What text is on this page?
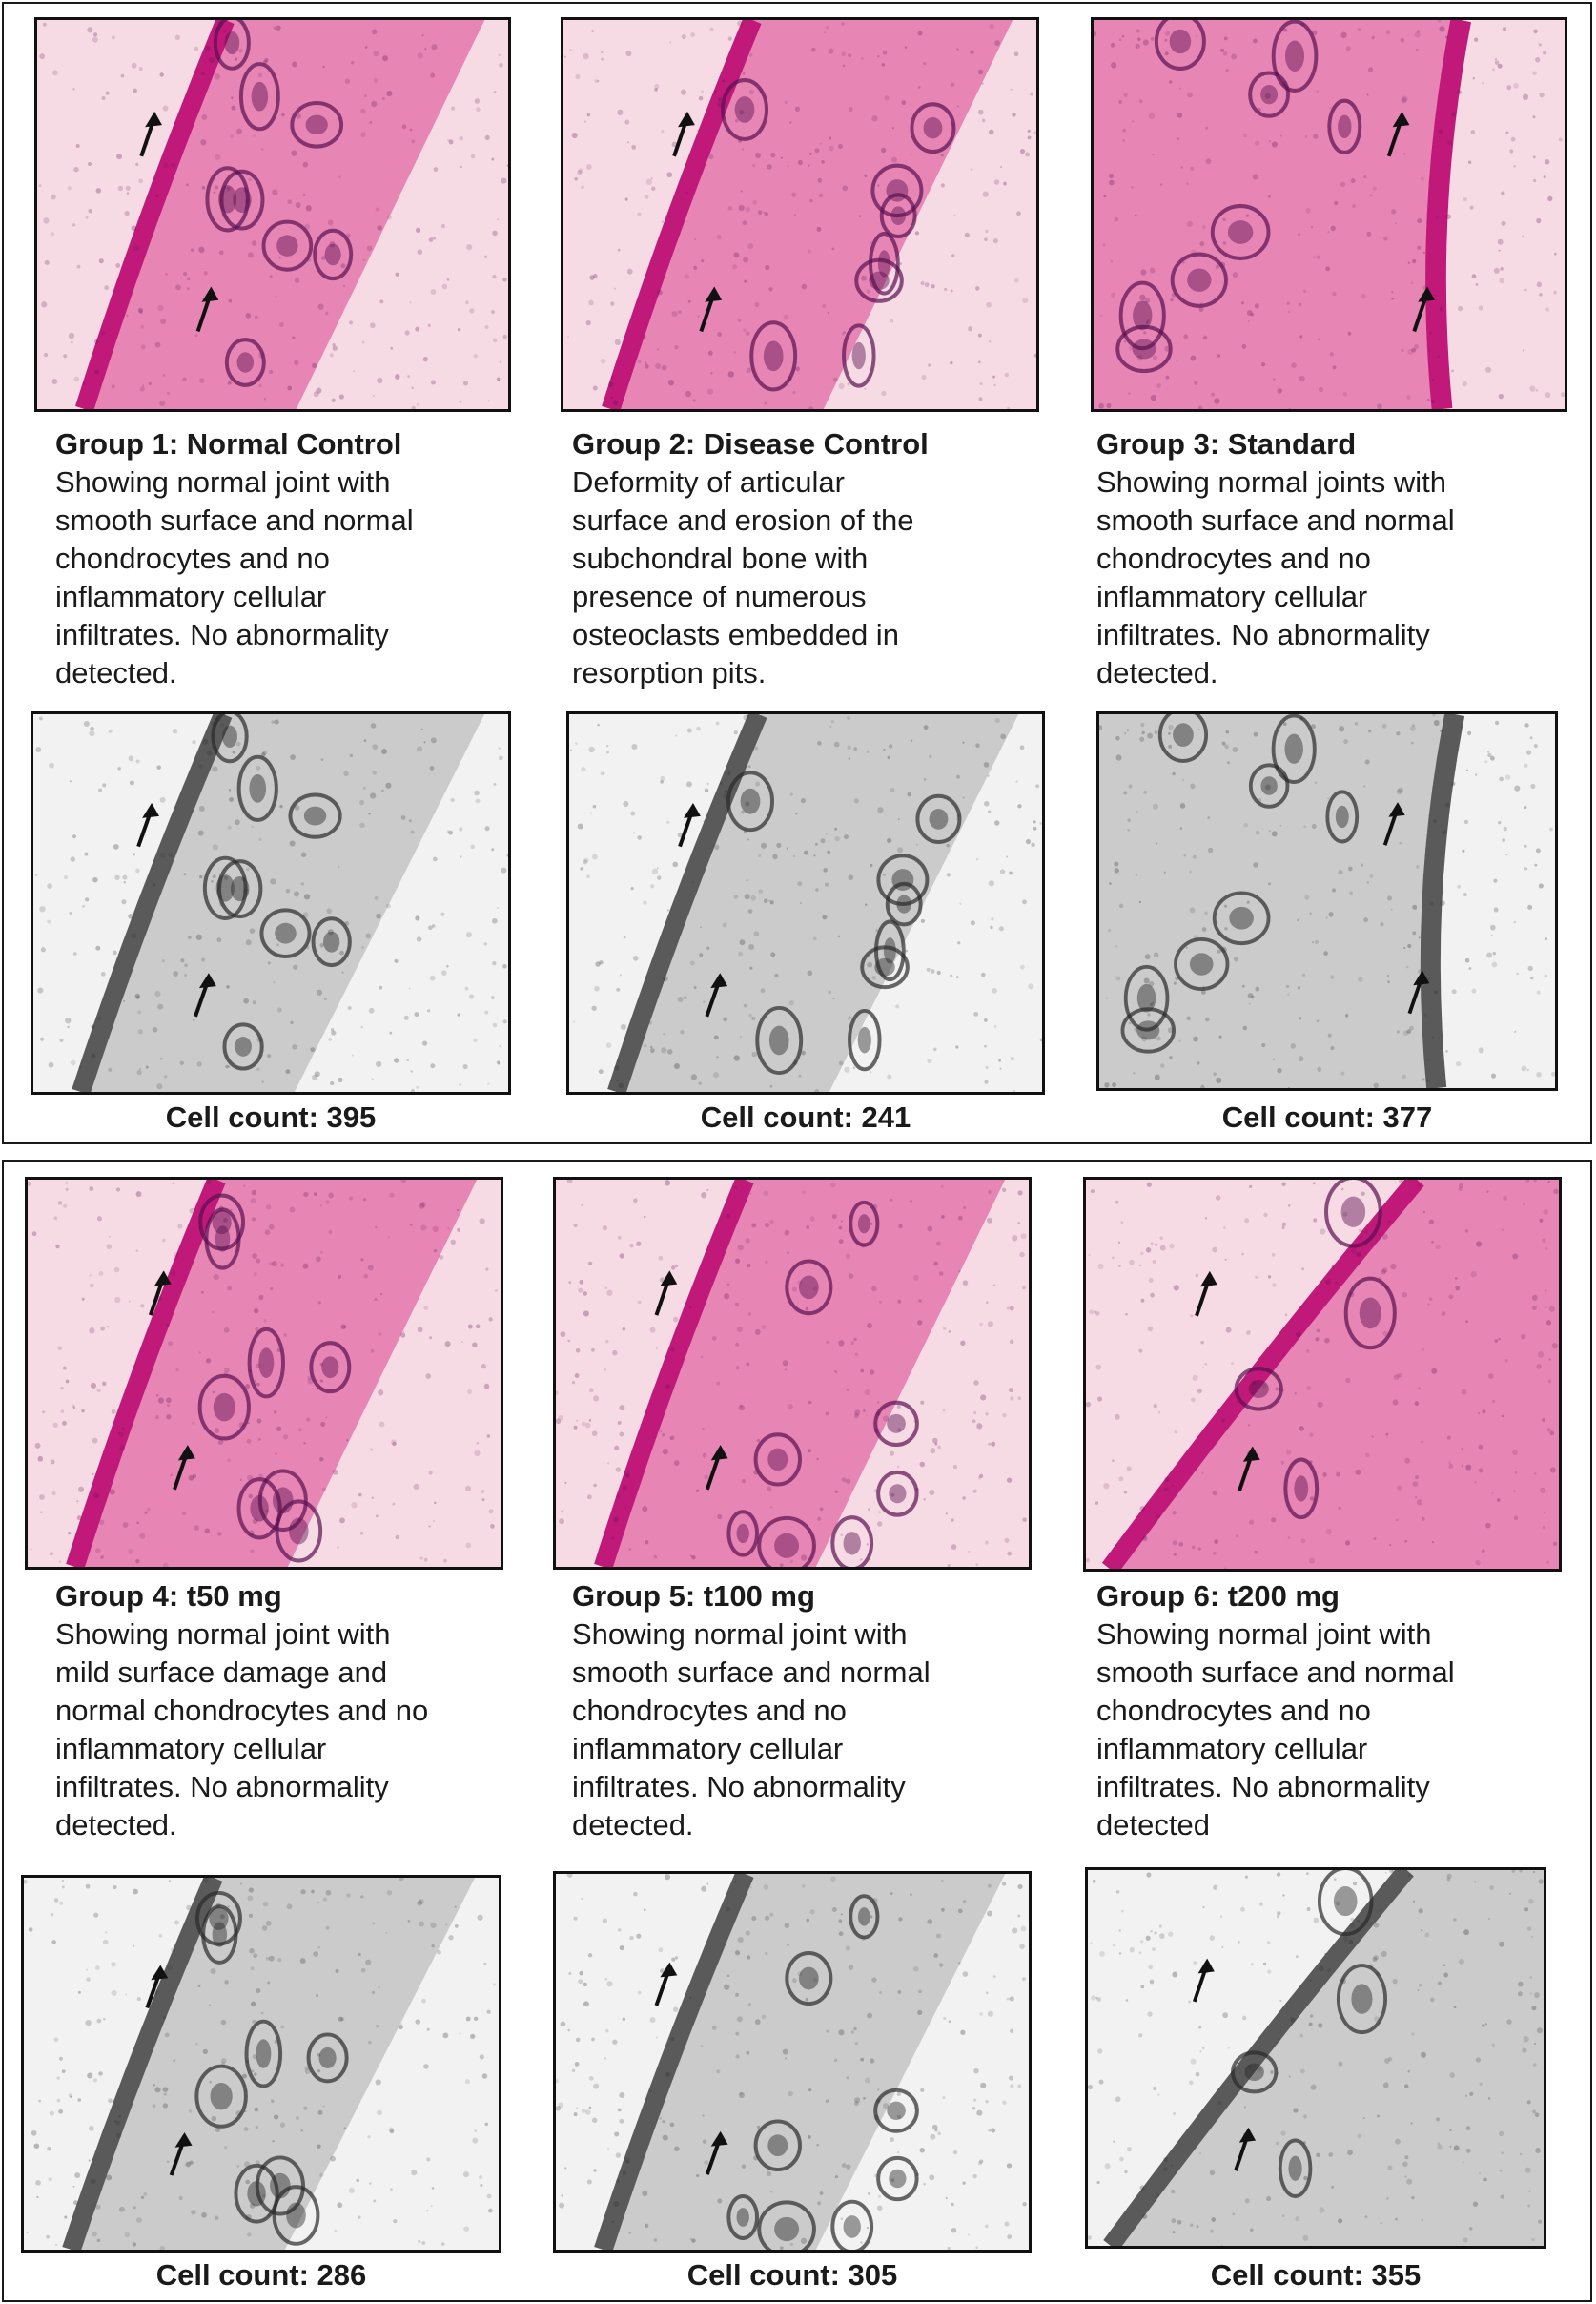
Group 1: Normal Control
Showing normal joint with
smooth surface and normal
chondrocytes and no
inflammatory cellular
infiltrates. No abnormality
detected.
Cell count: 395
Group 2: Disease Control
Deformity of articular
surface and erosion of the
subchondral bone with
presence of numerous
osteoclasts embedded in
resorption pits.
Cell count: 241
Group 3: Standard
Showing normal joints with
smooth surface and normal
chondrocytes and no
inflammatory cellular
infiltrates. No abnormality
detected.
Cell count: 377
Group 4: t50 mg
Showing normal joint with
mild surface damage and
normal chondrocytes and no
inflammatory cellular
infiltrates. No abnormality
detected.
Cell count: 286
Group 5: t100 mg
Showing normal joint with
smooth surface and normal
chondrocytes and no
inflammatory cellular
infiltrates. No abnormality
detected.
Cell count: 305
Group 6: t200 mg
Showing normal joint with
smooth surface and normal
chondrocytes and no
inflammatory cellular
infiltrates. No abnormality
detected
Cell count: 355
